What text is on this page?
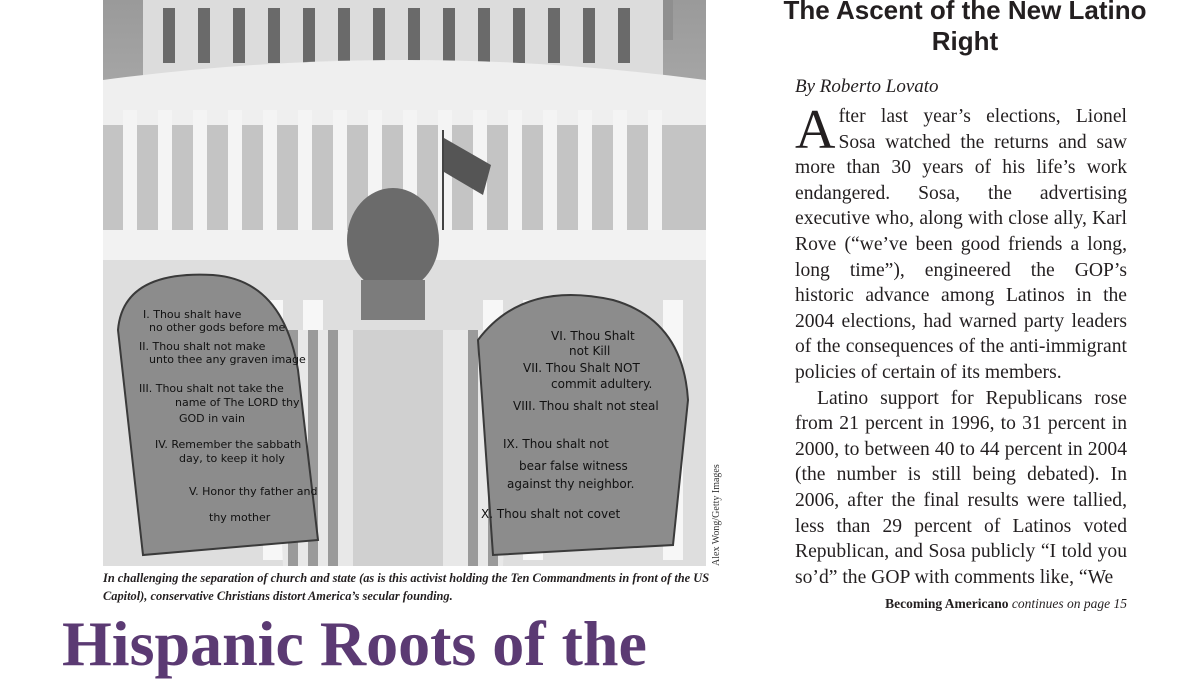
I. Thou shalt have
no other gods before me
II. Thou shalt not make
unto thee any graven image
III. Thou shalt not take the
name of The LORD thy
GOD in vain
IV. Remember the sabbath
day, to keep it holy
V. Honor thy father and
thy mother
VI. Thou Shalt
not Kill
VII. Thou Shalt NOT
commit adultery.
VIII. Thou shalt not steal
IX. Thou shalt not
bear false witness
against thy neighbor.
X. Thou shalt not covet	Alex Wong/Getty Images

In challenging the separation of church and state (as is this activist holding the Ten Commandments in front of the US Capitol), conservative Christians distort America’s secular founding.

The Ascent of the New Latino Right

By Roberto Lovato

After last year’s elections, Lionel Sosa watched the returns and saw more than 30 years of his life’s work endangered. Sosa, the advertising executive who, along with close ally, Karl Rove (“we’ve been good friends a long, long time”), engineered the GOP’s historic advance among Latinos in the 2004 elections, had warned party leaders of the consequences of the anti-immigrant policies of certain of its members.

Latino support for Republicans rose from 21 percent in 1996, to 31 percent in 2000, to between 40 to 44 percent in 2004 (the number is still being debated). In 2006, after the final results were tallied, less than 29 percent of Latinos voted Republican, and Sosa publicly “I told you so’d” the GOP with comments like, “We

Becoming Americano continues on page 15

Hispanic Roots of the
